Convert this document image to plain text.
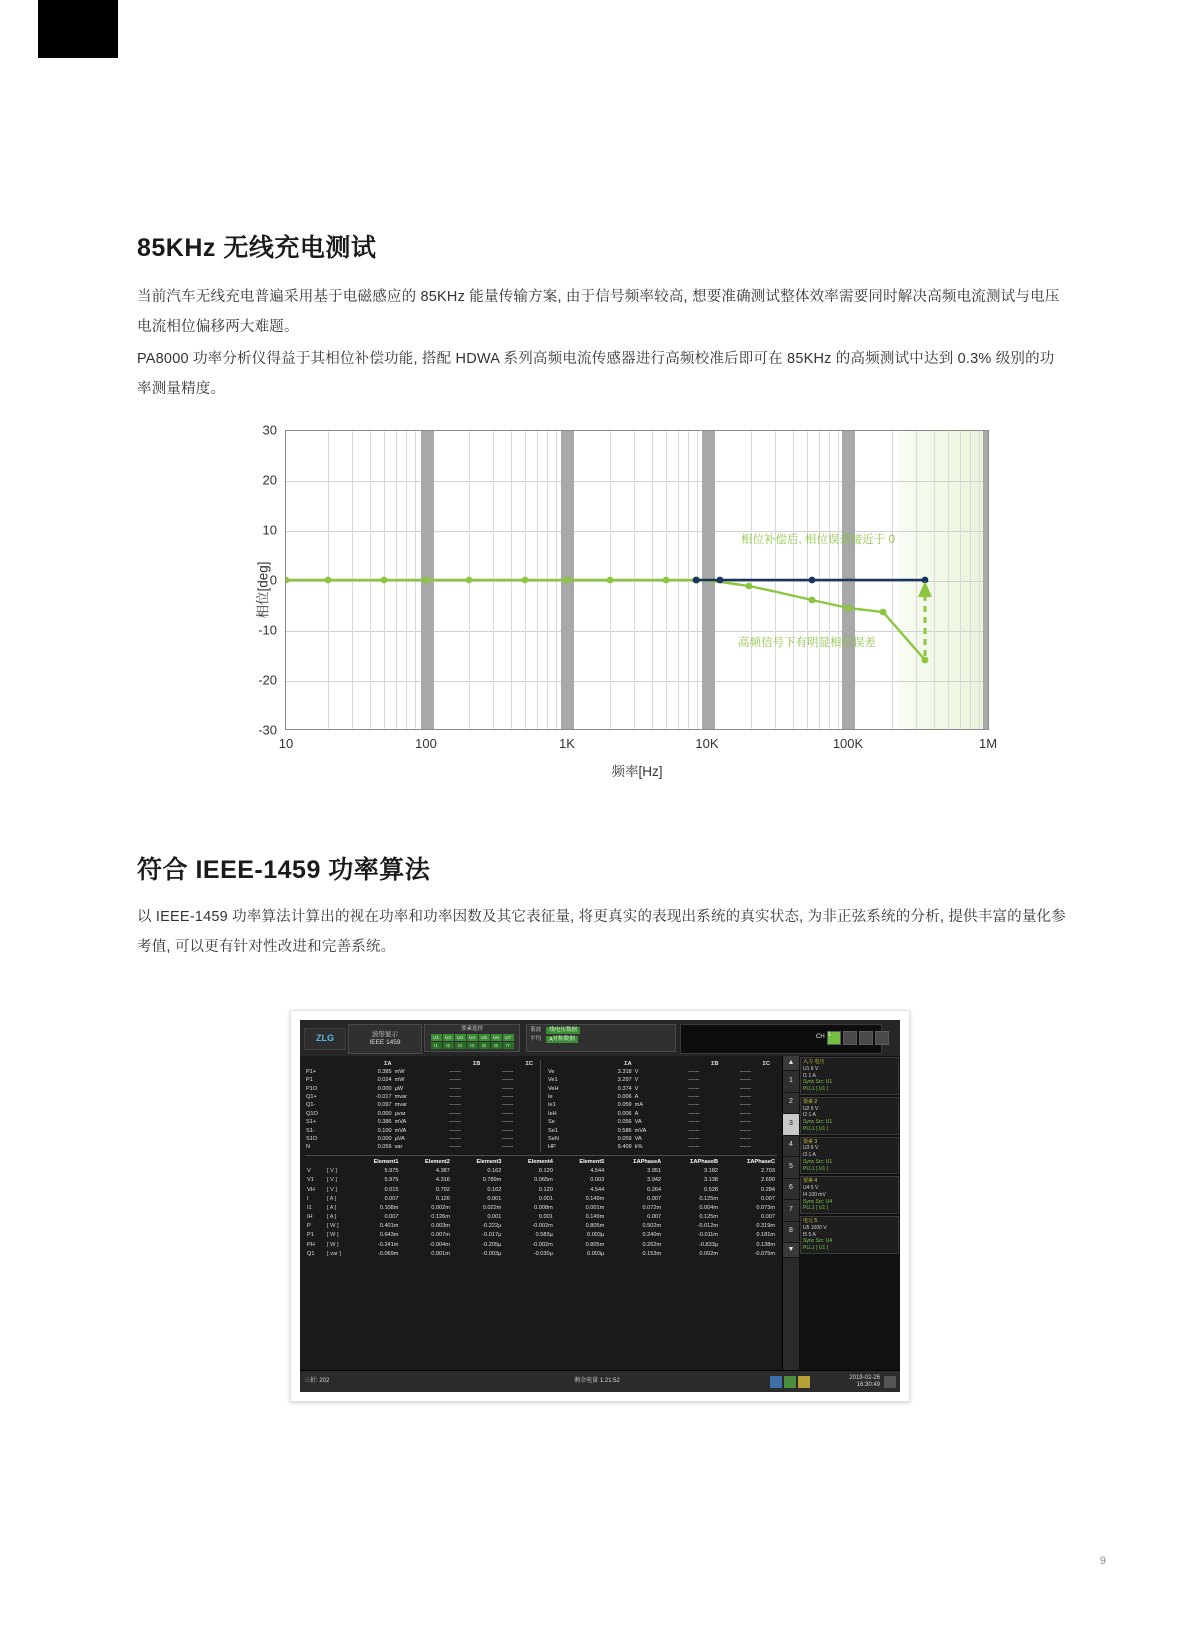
85KHz 无线充电测试

当前汽车无线充电普遍采用基于电磁感应的 85KHz 能量传输方案, 由于信号频率较高, 想要准确测试整体效率需要同时解决高频电流测试与电压电流相位偏移两大难题。

PA8000 功率分析仪得益于其相位补偿功能, 搭配 HDWA 系列高频电流传感器进行高频校准后即可在 85KHz 的高频测试中达到 0.3% 级别的功率测量精度。

相位[deg]
频率[Hz]
30
20
10
0
-10
-20
-30
10	100	1K	10K	100K	1M
相位补偿后, 相位误差接近于 0
高频信号下有明显相位误差
符合 IEEE-1459 功率算法

以 IEEE-1459 功率算法计算出的视在功率和功率因数及其它表征量, 将更真实的表现出系统的真实状态, 为非正弦系统的分析, 提供丰富的量化参考值, 可以更有针对性改进和完善系统。

ZLG	波形显示
IEEE 1459
要素选择
U1	U2	U3	U4	U5	U6	U7
I1	I2	I3	I4	I5	I6	I7
谐波	线电压数据
平均	д对称数据	CH 1
	ΣA		ΣB	ΣC
P1+	0.385	mW	------	------
P1	0.024	mW	------	------
P1O	0.000	µW	------	------
Q1+	-0.017	mvar	------	------
Q1-	0.097	mvar	------	------
Q1O	0.000	µvar	------	------
S1+	0.386	mVA	------	------
S1-	0.100	mVA	------	------
S1O	0.000	µVA	------	------
N	0.056	var	------	------
	ΣA		ΣB	ΣC
Ve	3.318	V	------	------
Ve1	3.297	V	------	------
VeH	0.374	V	------	------
Ie	0.006	A	------	------
Ie1	0.059	mA	------	------
IeH	0.006	A	------	------
Se	0.056	VA	------	------
Se1	0.586	mVA	------	------
SeN	0.059	VA	------	------
HP	9.409	k%	------	------
		Element1	Element2	Element3	Element4	Element5	ΣAPhaseA	ΣAPhaseB	ΣAPhaseC
V	[ V ]	5.975	4.387	0.162	0.120	4.544	3.951	3.182	2.703
V1	[ V ]	5.975	4.316	0.789m	0.065m	0.003	3.942	3.138	2.690
VH	[ V ]	0.015	0.792	0.162	0.120	4.544	0.264	0.528	0.284
I	[ A ]	0.007	0.126	0.001	0.001	0.149m	0.007	0.125m	0.007
I1	[ A ]	0.108m	0.002m	0.022m	0.008m	0.001m	0.072m	0.004m	0.073m
IH	[ A ]	0.007	0.126m	0.001	0.001	0.149m	0.007	0.125m	0.007
P	[ W ]	0.401m	0.003m	-0.222µ	-0.002m	0.805m	0.502m	-0.012m	0.319m
P1	[ W ]	0.643m	0.007m	-0.017µ	0.583µ	0.003µ	0.240m	-0.011m	0.181m
PH	[ W ]	-0.241m	-0.004m	-0.205µ	-0.002m	0.805m	0.262m	-0.833µ	0.138m
Q1	[ var ]	-0.069m	0.001m	-0.003µ	-0.030µ	0.003µ	0.153m	0.002m	-0.075m
▲
1
2
3
4
5
6
7
8
▼
入力 电压
U1 6 V
I1 1 A
Sync Src: U1
PLL1 [ U1 ]
要素 2
U2 6 V
I2 1 A
Sync Src: U1
PLL1 [ U1 ]
要素 3
U3 6 V
I3 1 A
Sync Src: U1
PLL1 [ U1 ]
要素 4
U4 6 V
I4 100 mV
Sync Src: U4
PLL1 [ U1 ]
电元 5
U5 1000 V
I5 5 A
Sync Src: U4
PLL1 [ U1 ]
三折: 202	剩余电量 1:21:52
2019-02-26
16:30:49
9
